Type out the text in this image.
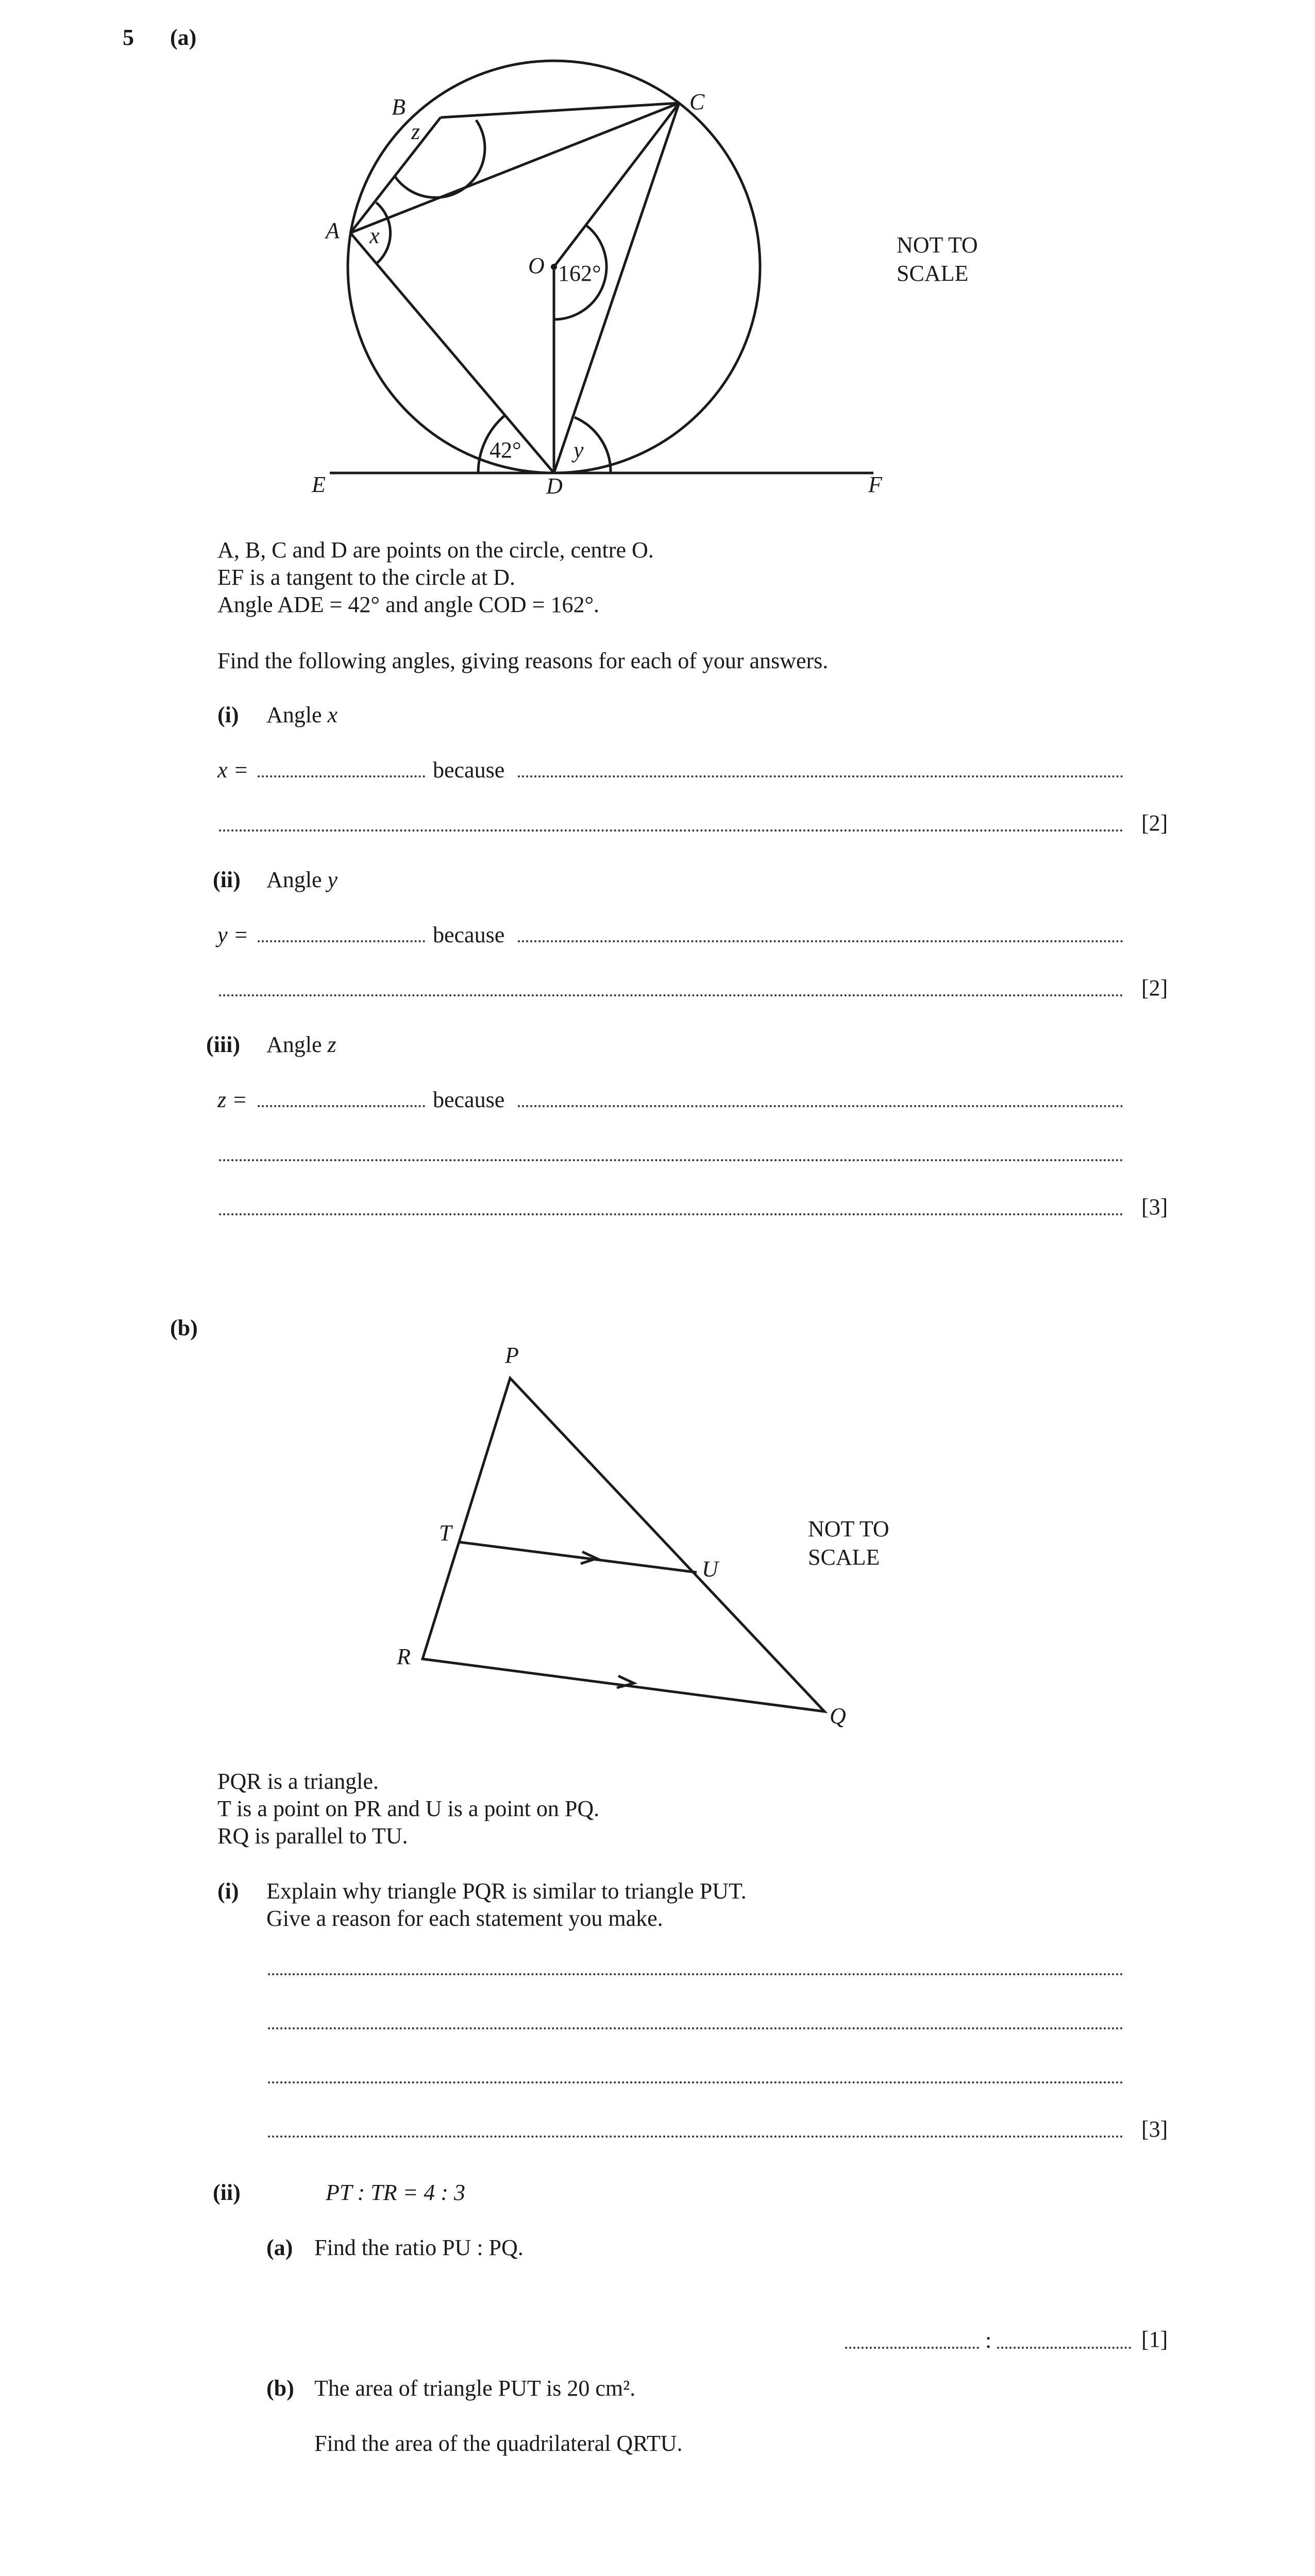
5 (a)
B	C
A
O
E	D	F
z
x
162°
42° y
NOT TO
SCALE
A, B, C and D are points on the circle, centre O.
EF is a tangent to the circle at D.
Angle ADE = 42° and angle COD = 162°.
Find the following angles, giving reasons for each of your answers.
(i) Angle x
x =	because
[2]
(ii) Angle y
y =	because
[2]
(iii) Angle z
z =	because
[3]
(b)
P
T
U
R
Q
NOT TO
SCALE
PQR is a triangle.
T is a point on PR and U is a point on PQ.
RQ is parallel to TU.
(i) Explain why triangle PQR is similar to triangle PUT.
Give a reason for each statement you make.
[3]
(ii)	PT : TR = 4 : 3
(a) Find the ratio PU : PQ.
:	[1]
(b) The area of triangle PUT is 20 cm².
Find the area of the quadrilateral QRTU.
